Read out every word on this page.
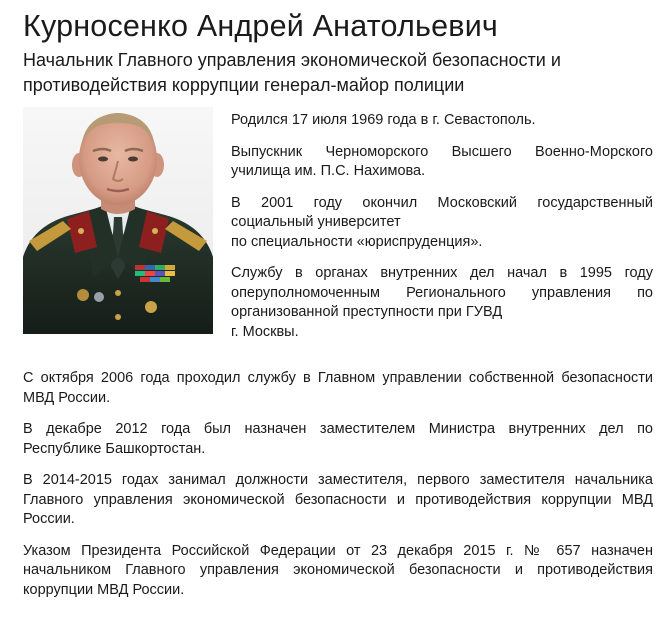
Курносенко Андрей Анатольевич
Начальник Главного управления экономической безопасности и противодействия коррупции генерал-майор полиции

Родился 17 июля 1969 года в г. Севастополь.

Выпускник Черноморского Высшего Военно-Морского
училища им. П.С. Нахимова.

В 2001 году окончил Московский государственный
социальный университет
по специальности «юриспруденция».

Службу в органах внутренних дел начал в 1995 году
оперуполномоченным Регионального управления по
организованной преступности при ГУВД
г. Москвы.

С октября 2006 года проходил службу в Главном управлении собственной безопасности
МВД России.

В декабре 2012 года был назначен заместителем Министра внутренних дел по
Республике Башкортостан.

В 2014-2015 годах занимал должности заместителя, первого заместителя начальника
Главного управления экономической безопасности и противодействия коррупции МВД
России.

Указом Президента Российской Федерации от 23 декабря 2015 г. № 657 назначен
начальником Главного управления экономической безопасности и противодействия
коррупции МВД России.
